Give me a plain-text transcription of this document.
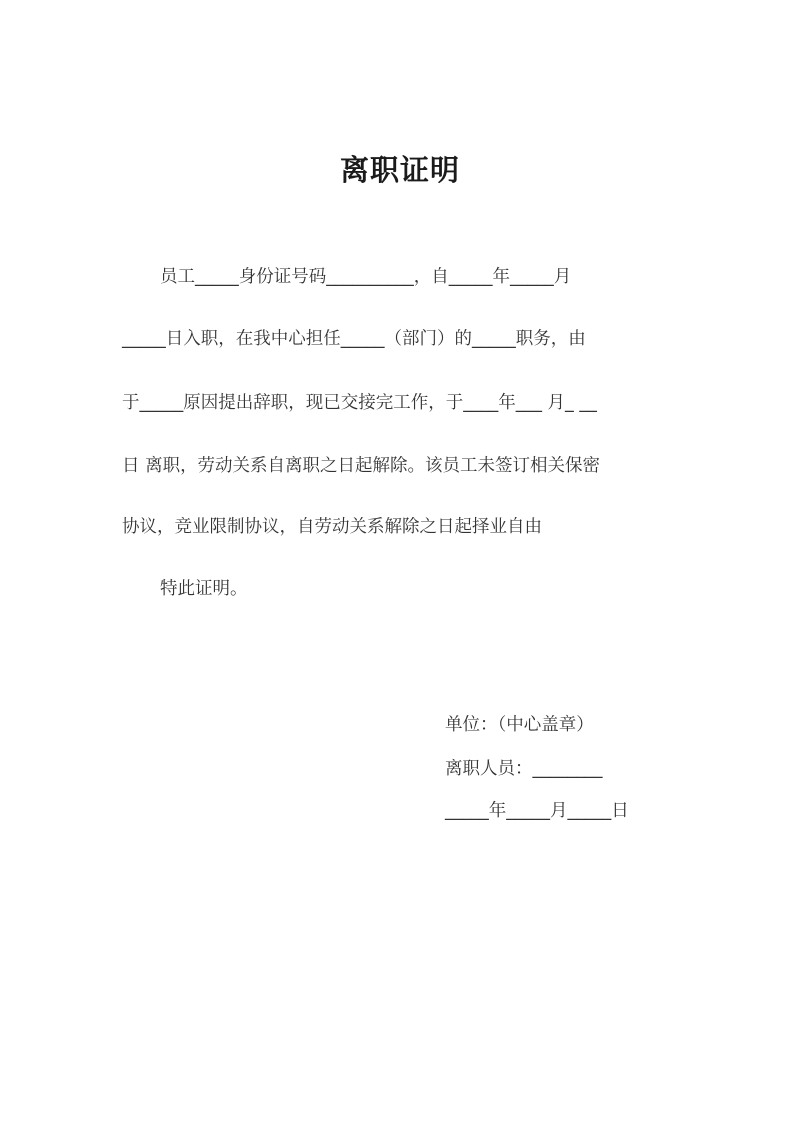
离职证明
员工_____身份证号码__________，自_____年_____月
_____日入职，在我中心担任_____（部门）的_____职务，由
于_____原因提出辞职，现已交接完工作，于____年___ 月_ __
日 离职，劳动关系自离职之日起解除。该员工未签订相关保密
协议，竞业限制协议，自劳动关系解除之日起择业自由
特此证明。
单位：（中心盖章）
离职人员：________
_____年_____月_____日
